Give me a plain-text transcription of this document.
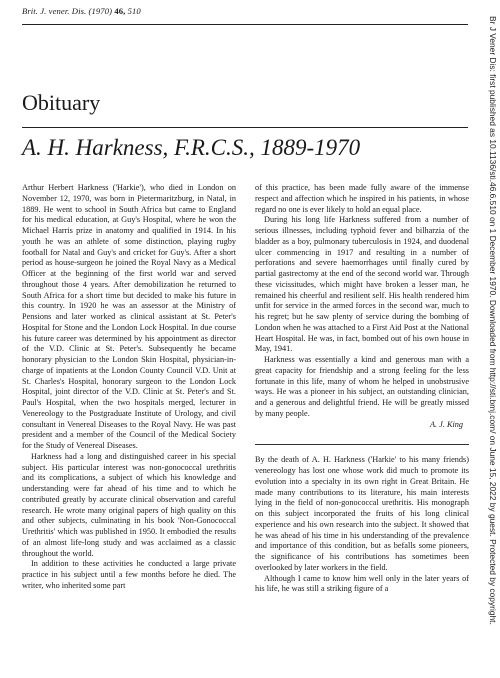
Brit. J. vener. Dis. (1970) 46, 510
Obituary
A. H. Harkness, F.R.C.S., 1889-1970

Arthur Herbert Harkness ('Harkie'), who died in London on November 12, 1970, was born in Pietermaritzburg, in Natal, in 1889. He went to school in South Africa but came to England for his medical education, at Guy's Hospital, where he won the Michael Harris prize in anatomy and qualified in 1914. In his youth he was an athlete of some distinction, playing rugby football for Natal and Guy's and cricket for Guy's. After a short period as house-surgeon he joined the Royal Navy as a Medical Officer at the beginning of the first world war and served throughout those 4 years. After demobilization he returned to South Africa for a short time but decided to make his future in this country. In 1920 he was an assessor at the Ministry of Pensions and later worked as clinical assistant at St. Peter's Hospital for Stone and the London Lock Hospital. In due course his future career was determined by his appointment as director of the V.D. Clinic at St. Peter's. Subsequently he became honorary physician to the London Skin Hospital, physician-in-charge of inpatients at the London County Council V.D. Unit at St. Charles's Hospital, honorary surgeon to the London Lock Hospital, joint director of the V.D. Clinic at St. Peter's and St. Paul's Hospital, when the two hospitals merged, lecturer in Venereology to the Postgraduate Institute of Urology, and civil consultant in Venereal Diseases to the Royal Navy. He was past president and a member of the Council of the Medical Society for the Study of Venereal Diseases.

Harkness had a long and distinguished career in his special subject. His particular interest was non-gonococcal urethritis and its complications, a subject of which his knowledge and understanding were far ahead of his time and to which he contributed greatly by accurate clinical observation and careful research. He wrote many original papers of high quality on this and other subjects, culminating in his book 'Non-Gonococcal Urethritis' which was published in 1950. It embodied the results of an almost life-long study and was acclaimed as a classic throughout the world.

In addition to these activities he conducted a large private practice in his subject until a few months before he died. The writer, who inherited some part

of this practice, has been made fully aware of the immense respect and affection which he inspired in his patients, in whose regard no one is ever likely to hold an equal place.

During his long life Harkness suffered from a number of serious illnesses, including typhoid fever and bilharzia of the bladder as a boy, pulmonary tuberculosis in 1924, and duodenal ulcer commencing in 1917 and resulting in a number of perforations and severe haemorrhages until finally cured by partial gastrectomy at the end of the second world war. Through these vicissitudes, which might have broken a lesser man, he remained his cheerful and resilient self. His health rendered him unfit for service in the armed forces in the second war, much to his regret; but he saw plenty of service during the bombing of London when he was attached to a First Aid Post at the National Heart Hospital. He was, in fact, bombed out of his own house in May, 1941.

Harkness was essentially a kind and generous man with a great capacity for friendship and a strong feeling for the less fortunate in this life, many of whom he helped in unobstrusive ways. He was a pioneer in his subject, an outstanding clinician, and a generous and delightful friend. He will be greatly missed by many people.

A. J. King

By the death of A. H. Harkness ('Harkie' to his many friends) venereology has lost one whose work did much to promote its evolution into a specialty in its own right in Great Britain. He made many contributions to its literature, his main interests lying in the field of non-gonococcal urethritis. His monograph on this subject incorporated the fruits of his long clinical experience and his own research into the subject. It showed that he was ahead of his time in his understanding of the prevalence and importance of this condition, but as befalls some pioneers, the significance of his contributions has sometimes been overlooked by later workers in the field.

Although I came to know him well only in the later years of his life, he was still a striking figure of a	Br J Vener Dis: first published as 10.1136/sti.46.6.510 on 1 December 1970. Downloaded from http://sti.bmj.com/ on June 15, 2022 by guest. Protected by copyright.
